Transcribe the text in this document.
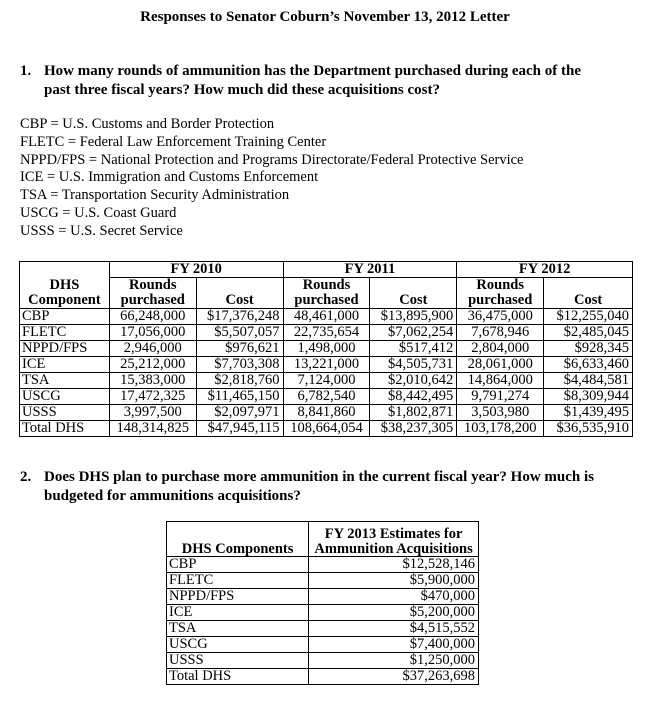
Responses to Senator Coburn’s November 13, 2012 Letter
1. How many rounds of ammunition has the Department purchased during each of the
past three fiscal years? How much did these acquisitions cost?
CBP = U.S. Customs and Border Protection
FLETC = Federal Law Enforcement Training Center
NPPD/FPS = National Protection and Programs Directorate/Federal Protective Service
ICE = U.S. Immigration and Customs Enforcement
TSA = Transportation Security Administration
USCG = U.S. Coast Guard
USSS = U.S. Secret Service
	FY 2010		FY 2011		FY 2012	
DHS	Rounds		Rounds		Rounds	
Component	purchased	Cost	purchased	Cost	purchased	Cost
CBP	66,248,000	$17,376,248	48,461,000	$13,895,900	36,475,000	$12,255,040
FLETC	17,056,000	$5,507,057	22,735,654	$7,062,254	7,678,946	$2,485,045
NPPD/FPS	2,946,000	$976,621	1,498,000	$517,412	2,804,000	$928,345
ICE	25,212,000	$7,703,308	13,221,000	$4,505,731	28,061,000	$6,633,460
TSA	15,383,000	$2,818,760	7,124,000	$2,010,642	14,864,000	$4,484,581
USCG	17,472,325	$11,465,150	6,782,540	$8,442,495	9,791,274	$8,309,944
USSS	3,997,500	$2,097,971	8,841,860	$1,802,871	3,503,980	$1,439,495
Total DHS	148,314,825	$47,945,115	108,664,054	$38,237,305	103,178,200	$36,535,910
2. Does DHS plan to purchase more ammunition in the current fiscal year? How much is
budgeted for ammunitions acquisitions?
DHS Components	FY 2013 Estimates for
Ammunition Acquisitions

CBP	$12,528,146
FLETC	$5,900,000
NPPD/FPS	$470,000
ICE	$5,200,000
TSA	$4,515,552
USCG	$7,400,000
USSS	$1,250,000
Total DHS	$37,263,698
